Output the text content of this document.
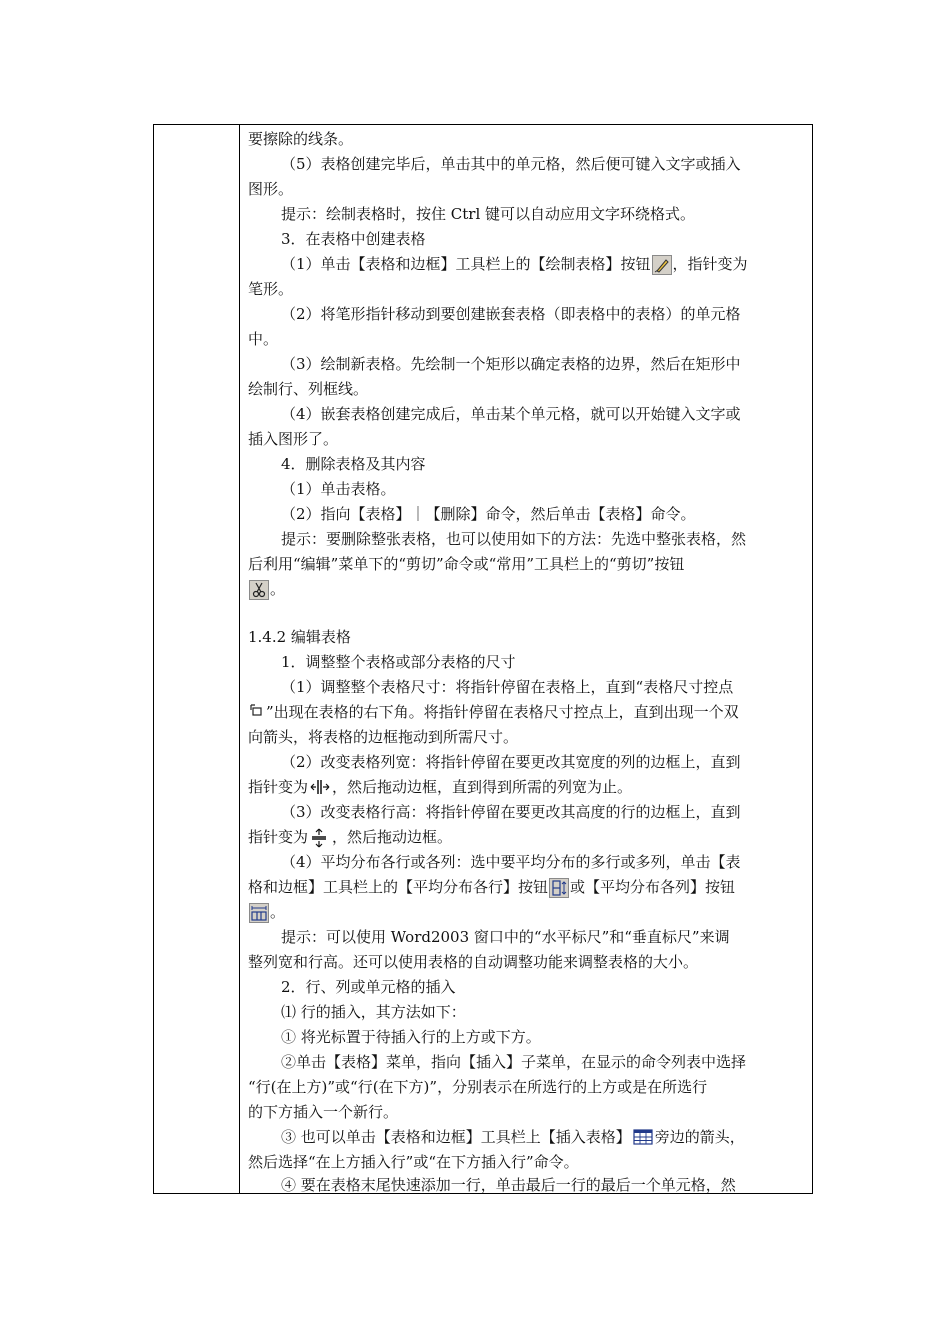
要擦除的线条。
（5）表格创建完毕后，单击其中的单元格，然后便可键入文字或插入
图形。
提示：绘制表格时，按住 Ctrl 键可以自动应用文字环绕格式。
3．在表格中创建表格
（1）单击【表格和边框】工具栏上的【绘制表格】按钮 ，指针变为
笔形。
（2）将笔形指针移动到要创建嵌套表格（即表格中的表格）的单元格
中。
（3）绘制新表格。先绘制一个矩形以确定表格的边界，然后在矩形中
绘制行、列框线。
（4）嵌套表格创建完成后，单击某个单元格，就可以开始键入文字或
插入图形了。
4．删除表格及其内容
（1）单击表格。
（2）指向【表格】｜【删除】命令，然后单击【表格】命令。
提示：要删除整张表格，也可以使用如下的方法：先选中整张表格，然
后利用“编辑”菜单下的“剪切”命令或“常用”工具栏上的“剪切”按钮
。
1.4.2 编辑表格
1．调整整个表格或部分表格的尺寸
（1）调整整个表格尺寸：将指针停留在表格上，直到“表格尺寸控点
”出现在表格的右下角。将指针停留在表格尺寸控点上，直到出现一个双
向箭头，将表格的边框拖动到所需尺寸。
（2）改变表格列宽：将指针停留在要更改其宽度的列的边框上，直到
指针变为 ，然后拖动边框，直到得到所需的列宽为止。
（3）改变表格行高：将指针停留在要更改其高度的行的边框上，直到
指针变为 ，然后拖动边框。
（4）平均分布各行或各列：选中要平均分布的多行或多列，单击【表
格和边框】工具栏上的【平均分布各行】按钮 或【平均分布各列】按钮
。
提示：可以使用 Word2003 窗口中的“水平标尺”和“垂直标尺”来调
整列宽和行高。还可以使用表格的自动调整功能来调整表格的大小。
2．行、列或单元格的插入
⑴ 行的插入，其方法如下：
① 将光标置于待插入行的上方或下方。
②单击【表格】菜单，指向【插入】子菜单，在显示的命令列表中选择
“行(在上方)”或“行(在下方)”，分别表示在所选行的上方或是在所选行
的下方插入一个新行。
③ 也可以单击【表格和边框】工具栏上【插入表格】 旁边的箭头，
然后选择“在上方插入行”或“在下方插入行”命令。
④ 要在表格末尾快速添加一行，单击最后一行的最后一个单元格，然
